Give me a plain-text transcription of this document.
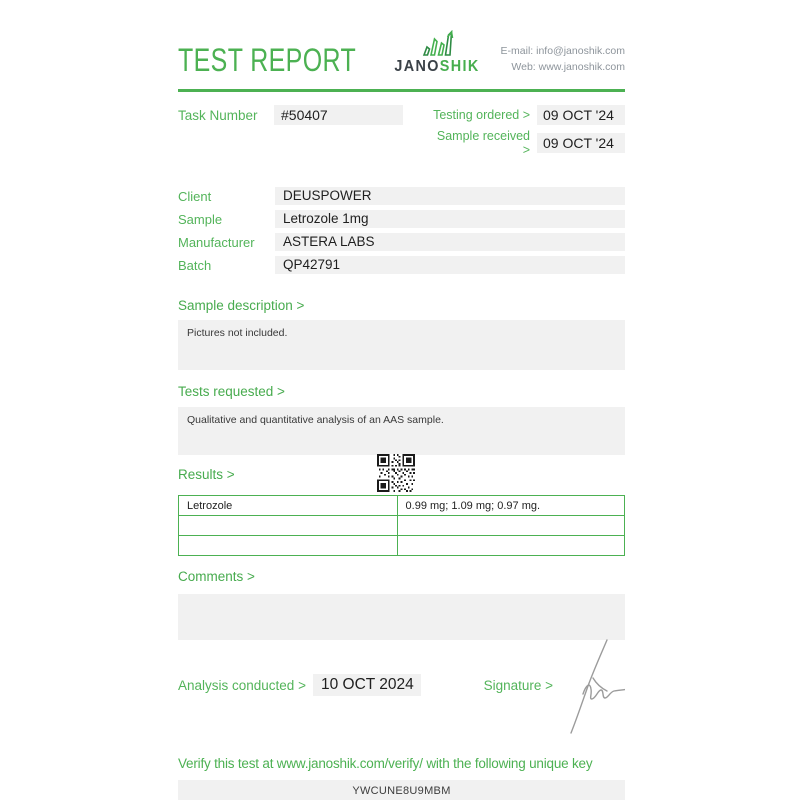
TEST REPORT	JANOSHIK
E-mail: info@janoshik.com
Web: www.janoshik.com
Task Number	#50407	Testing ordered > 09 OCT '24
Sample received > 09 OCT '24
Client	DEUSPOWER
Sample	Letrozole 1mg
Manufacturer	ASTERA LABS
Batch	QP42791
Sample description >
Pictures not included.
Tests requested >
Qualitative and quantitative analysis of an AAS sample.
Results >
Letrozole	0.99 mg; 1.09 mg; 0.97 mg.

Comments >
Analysis conducted > 10 OCT 2024	Signature >
Verify this test at www.janoshik.com/verify/ with the following unique key
YWCUNE8U9MBM
